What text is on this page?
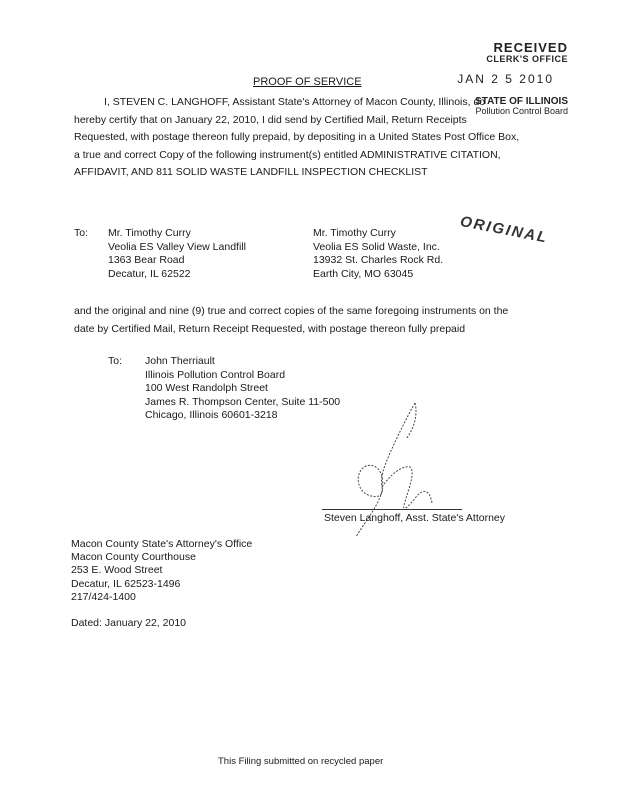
RECEIVED
CLERK'S OFFICE
JAN 2 5 2010
STATE OF ILLINOIS
Pollution Control Board
PROOF OF SERVICE

I, STEVEN C. LANGHOFF, Assistant State's Attorney of Macon County, Illinois, do

hereby certify that on January 22, 2010, I did send by Certified Mail, Return Receipts

Requested, with postage thereon fully prepaid, by depositing in a United States Post Office Box,

a true and correct Copy of the following instrument(s) entitled ADMINISTRATIVE CITATION,

AFFIDAVIT, AND 811 SOLID WASTE LANDFILL INSPECTION CHECKLIST

To: Mr. Timothy Curry
Veolia ES Valley View Landfill
1363 Bear Road
Decatur, IL 62522
Mr. Timothy Curry
Veolia ES Solid Waste, Inc.
13932 St. Charles Rock Rd.
Earth City, MO 63045
ORIGINAL

and the original and nine (9) true and correct copies of the same foregoing instruments on the

date by Certified Mail, Return Receipt Requested, with postage thereon fully prepaid

To: John Therriault
Illinois Pollution Control Board
100 West Randolph Street
James R. Thompson Center, Suite 11-500
Chicago, Illinois 60601-3218
Steven Langhoff, Asst. State's Attorney
Macon County State's Attorney's Office
Macon County Courthouse
253 E. Wood Street
Decatur, IL 62523-1496
217/424-1400
Dated: January 22, 2010
This Filing submitted on recycled paper
